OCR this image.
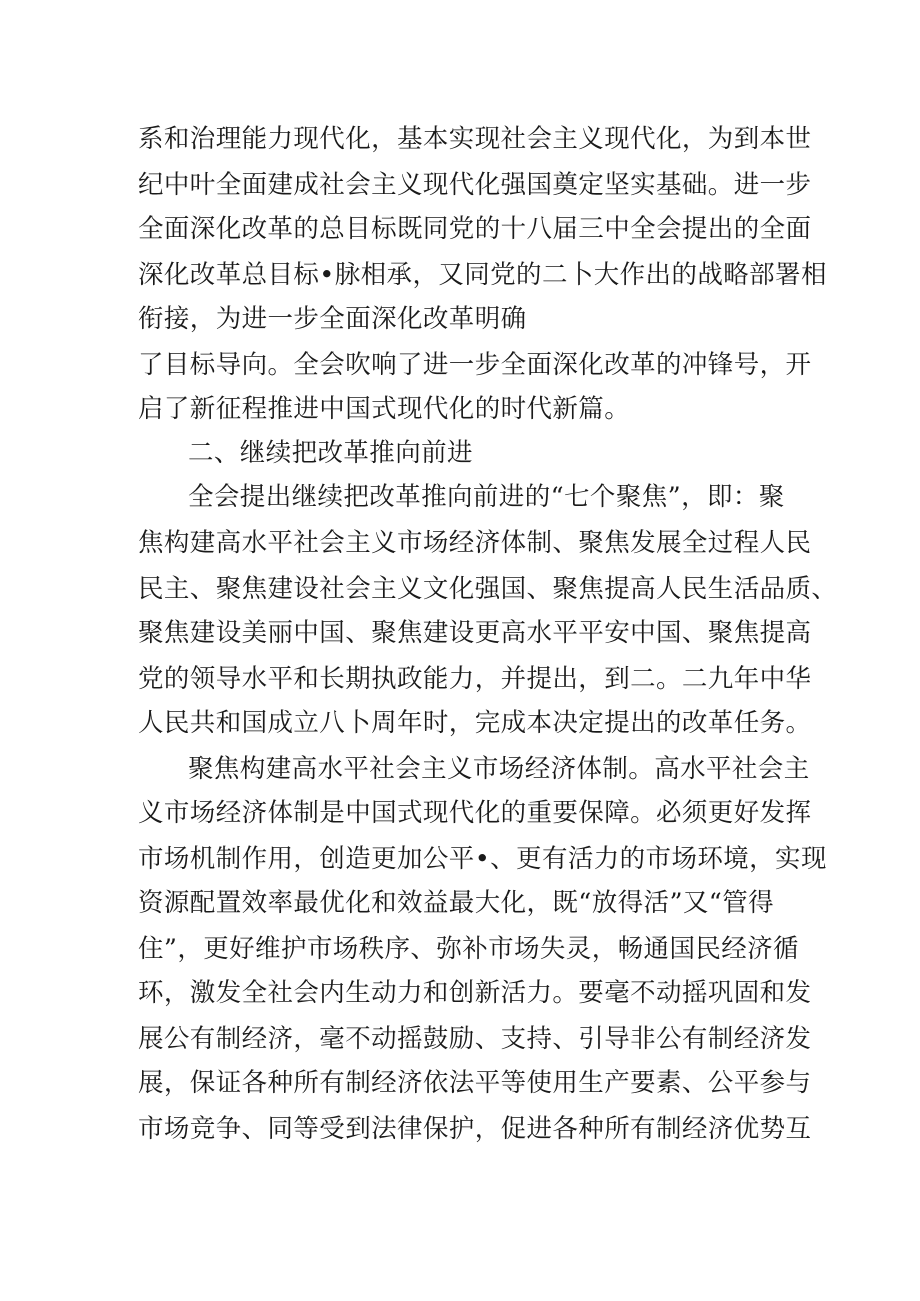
系和治理能力现代化，基本实现社会主义现代化，为到本世
纪中叶全面建成社会主义现代化强国奠定坚实基础。进一步
全面深化改革的总目标既同党的十八届三中全会提出的全面
深化改革总目标•脉相承，又同党的二卜大作出的战略部署相
衔接，为进一步全面深化改革明确
了目标导向。全会吹响了进一步全面深化改革的冲锋号，开
启了新征程推进中国式现代化的时代新篇。
二、继续把改革推向前进
全会提出继续把改革推向前进的“七个聚焦”，即：聚
焦构建高水平社会主义市场经济体制、聚焦发展全过程人民
民主、聚焦建设社会主义文化强国、聚焦提高人民生活品质、
聚焦建设美丽中国、聚焦建设更高水平平安中国、聚焦提高
党的领导水平和长期执政能力，并提出，到二。二九年中华
人民共和国成立八卜周年时，完成本决定提出的改革任务。
聚焦构建高水平社会主义市场经济体制。高水平社会主
义市场经济体制是中国式现代化的重要保障。必须更好发挥
市场机制作用，创造更加公平•、更有活力的市场环境，实现
资源配置效率最优化和效益最大化，既“放得活”又“管得
住”，更好维护市场秩序、弥补市场失灵，畅通国民经济循
环，激发全社会内生动力和创新活力。要毫不动摇巩固和发
展公有制经济，毫不动摇鼓励、支持、引导非公有制经济发
展，保证各种所有制经济依法平等使用生产要素、公平参与
市场竞争、同等受到法律保护，促进各种所有制经济优势互
